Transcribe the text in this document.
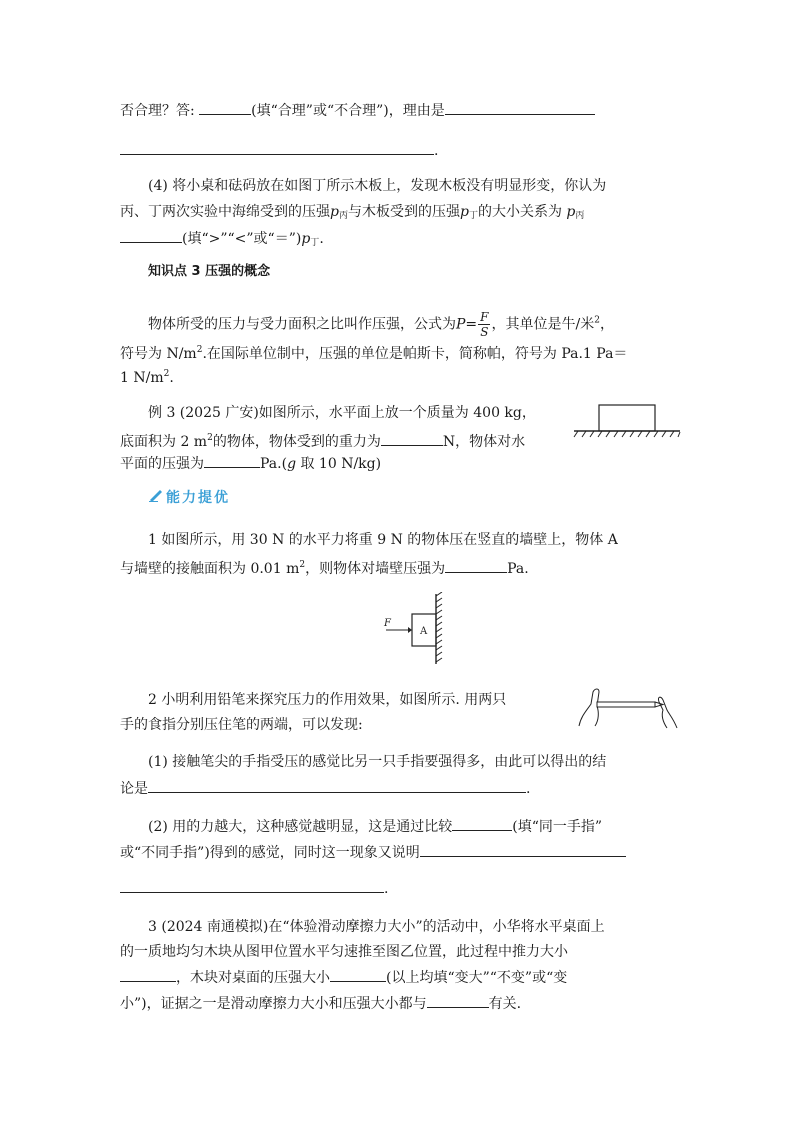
否合理？答:	(填“合理”或“不合理”)，理由是
.
(4) 将小桌和砝码放在如图丁所示木板上，发现木板没有明显形变，你认为
丙、丁两次实验中海绵受到的压强$p_丙$与木板受到的压强$p_丁$的大小关系为 $p_丙$
(填“>”“<”或“$=”)p_丁$.
知识点 3 压强的概念
物体所受的压力与受力面积之比叫作压强，公式为$P= \frac{F}{S}$ ，其单位是牛/米$^2$，
符号为 $N/m^2$.在国际单位制中，压强的单位是帕斯卡，简称帕，符号为 Pa.1 Pa＝
1 $N/m^2$.
例 3 (2025 广安)如图所示，水平面上放一个质量为 400 kg，
底面积为 2 $m^2$的物体，物体受到的重力为	N，物体对水
平面的压强为	Pa.(g 取 10 N/kg)
能力提优
1 如图所示，用 30 N 的水平力将重 9 N 的物体压在竖直的墙壁上，物体 A
与墙壁的接触面积为 0.01 $m^2$，则物体对墙壁压强为	Pa.
F
A
2 小明利用铅笔来探究压力的作用效果，如图所示. 用两只
手的食指分别压住笔的两端，可以发现:
(1) 接触笔尖的手指受压的感觉比另一只手指要强得多，由此可以得出的结
论是	.
(2) 用的力越大，这种感觉越明显，这是通过比较	(填“同一手指”
或“不同手指”)得到的感觉，同时这一现象又说明
.
3 (2024 南通模拟)在“体验滑动摩擦力大小”的活动中，小华将水平桌面上
的一质地均匀木块从图甲位置水平匀速推至图乙位置，此过程中推力大小
，木块对桌面的压强大小	(以上均填“变大”“不变”或“变
小”)，证据之一是滑动摩擦力大小和压强大小都与	有关.
